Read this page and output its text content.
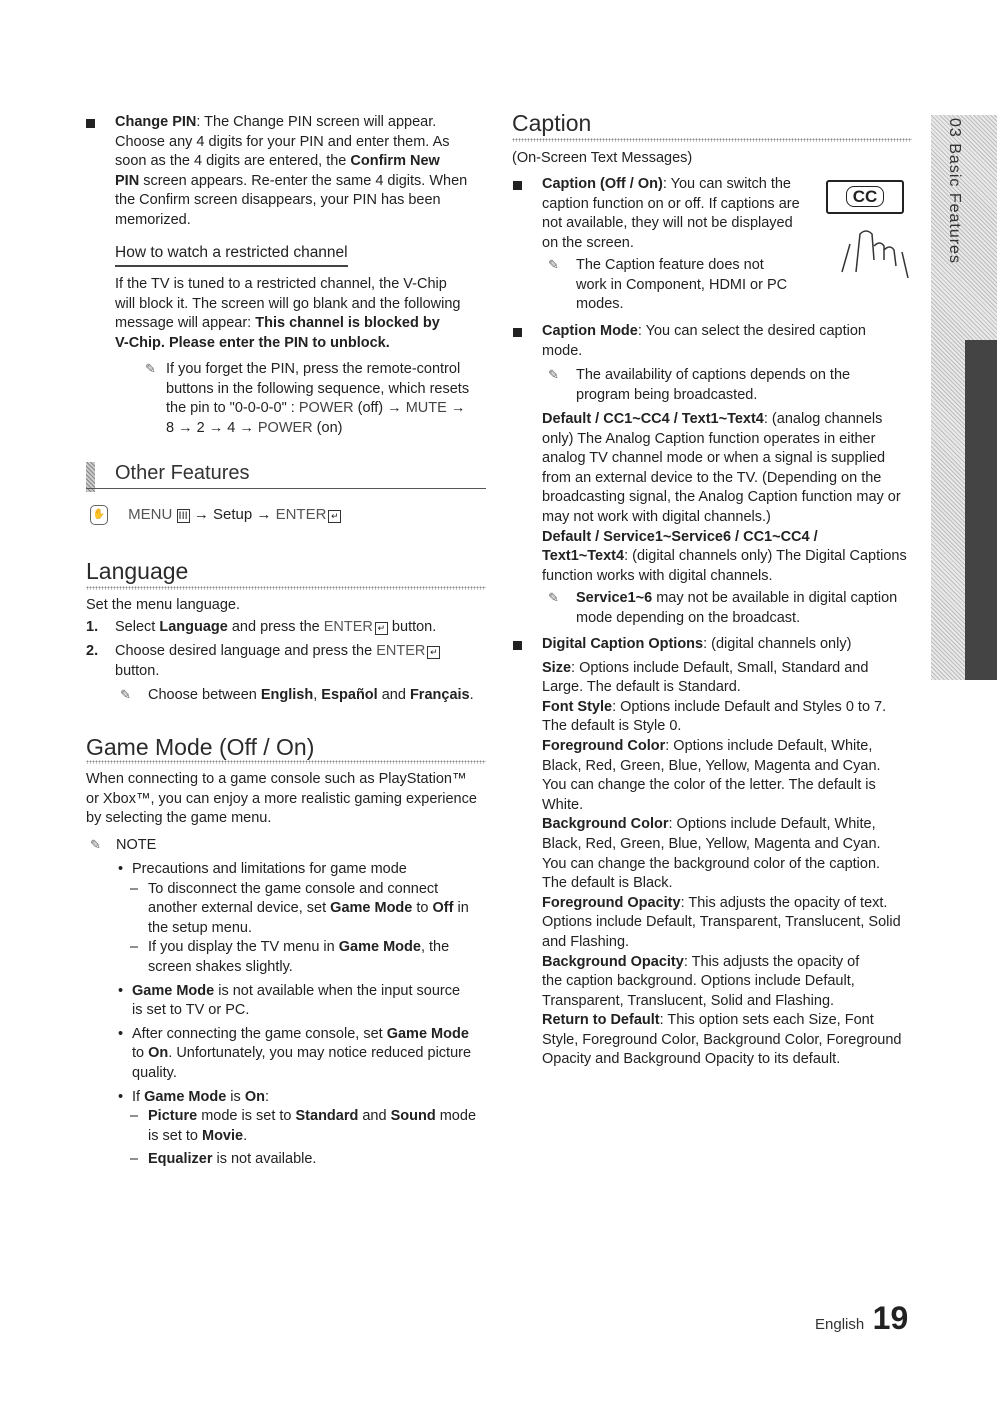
Change PIN: The Change PIN screen will appear.
Choose any 4 digits for your PIN and enter them. As
soon as the 4 digits are entered, the Confirm New
PIN screen appears. Re-enter the same 4 digits. When
the Confirm screen disappears, your PIN has been
memorized.
How to watch a restricted channel
If the TV is tuned to a restricted channel, the V-Chip
will block it. The screen will go blank and the following
message will appear: This channel is blocked by
V-Chip. Please enter the PIN to unblock.
✎ If you forget the PIN, press the remote-control
buttons in the following sequence, which resets
the pin to "0-0-0-0" : POWER (off) → MUTE →
8 → 2 → 4 → POWER (on)
Other Features
✋ MENU III → Setup → ENTER ↵
Language
Set the menu language.
1. Select Language and press the ENTER ↵ button.
2. Choose desired language and press the ENTER ↵
button.
✎ Choose between English, Español and Français.
Game Mode (Off / On)
When connecting to a game console such as PlayStation™
or Xbox™, you can enjoy a more realistic gaming experience
by selecting the game menu.
✎ NOTE
• Precautions and limitations for game mode
– To disconnect the game console and connect
another external device, set Game Mode to Off in
the setup menu.
– If you display the TV menu in Game Mode, the
screen shakes slightly.
• Game Mode is not available when the input source
is set to TV or PC.
• After connecting the game console, set Game Mode
to On. Unfortunately, you may notice reduced picture
quality.
• If Game Mode is On:
– Picture mode is set to Standard and Sound mode
is set to Movie.
– Equalizer is not available.
Caption
(On-Screen Text Messages)
CC
Caption (Off / On): You can switch the
caption function on or off. If captions are
not available, they will not be displayed
on the screen.
✎ The Caption feature does not
work in Component, HDMI or PC
modes.
Caption Mode: You can select the desired caption
mode.
✎ The availability of captions depends on the
program being broadcasted.
Default / CC1~CC4 / Text1~Text4: (analog channels
only) The Analog Caption function operates in either
analog TV channel mode or when a signal is supplied
from an external device to the TV. (Depending on the
broadcasting signal, the Analog Caption function may or
may not work with digital channels.)
Default / Service1~Service6 / CC1~CC4 /
Text1~Text4: (digital channels only) The Digital Captions
function works with digital channels.
✎ Service1~6 may not be available in digital caption
mode depending on the broadcast.
Digital Caption Options: (digital channels only)
Size: Options include Default, Small, Standard and
Large. The default is Standard.
Font Style: Options include Default and Styles 0 to 7.
The default is Style 0.
Foreground Color: Options include Default, White,
Black, Red, Green, Blue, Yellow, Magenta and Cyan.
You can change the color of the letter. The default is
White.
Background Color: Options include Default, White,
Black, Red, Green, Blue, Yellow, Magenta and Cyan.
You can change the background color of the caption.
The default is Black.
Foreground Opacity: This adjusts the opacity of text.
Options include Default, Transparent, Translucent, Solid
and Flashing.
Background Opacity: This adjusts the opacity of
the caption background. Options include Default,
Transparent, Translucent, Solid and Flashing.
Return to Default: This option sets each Size, Font
Style, Foreground Color, Background Color, Foreground
Opacity and Background Opacity to its default.
03 Basic Features
English 19
